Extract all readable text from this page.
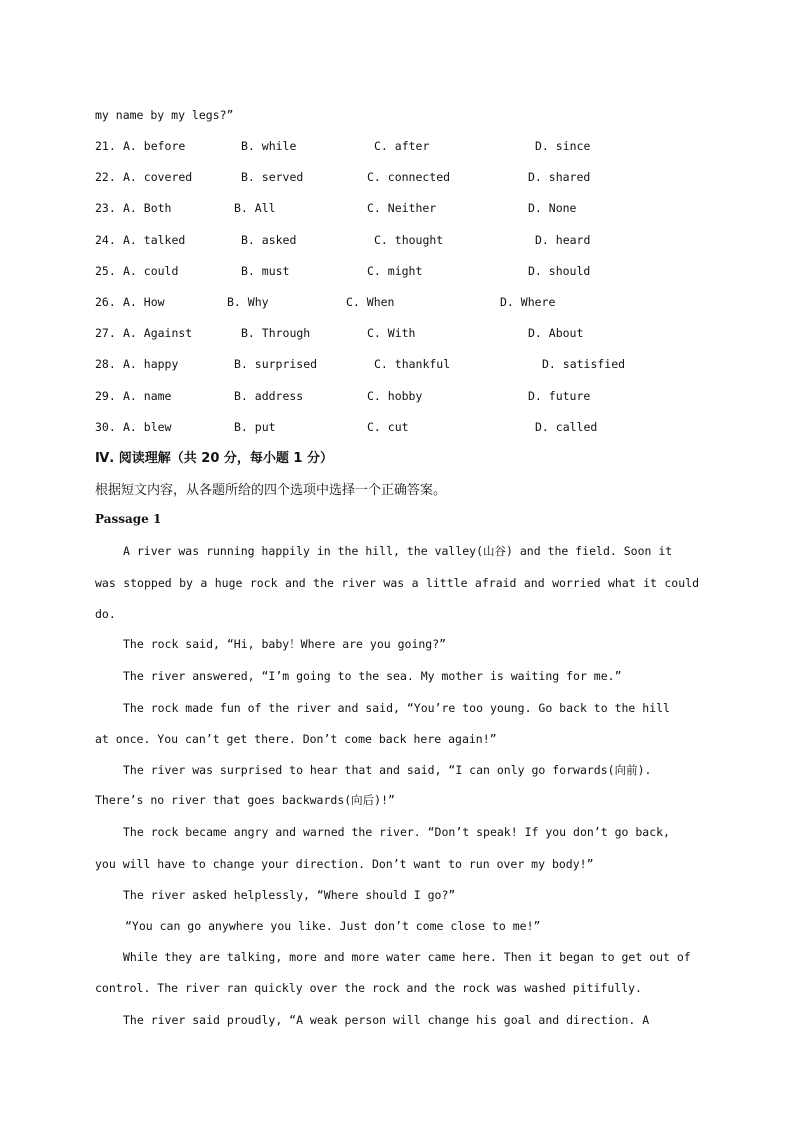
my name by my legs?”
21. A. before	B. while	C. after	D. since
22. A. covered	B. served	C. connected	D. shared
23. A. Both	B. All	C. Neither	D. None
24. A. talked	B. asked	C. thought	D. heard
25. A. could	B. must	C. might	D. should
26. A. How	B. Why	C. When	D. Where
27. A. Against	B. Through	C. With	D. About
28. A. happy	B. surprised	C. thankful	D. satisfied
29. A. name	B. address	C. hobby	D. future
30. A. blew	B. put	C. cut	D. called
Ⅳ. 阅读理解（共 20 分，每小题 1 分）
根据短文内容，从各题所给的四个选项中选择一个正确答案。
Passage 1
A river was running happily in the hill, the valley(山谷) and the field. Soon it
was stopped by a huge rock and the river was a little afraid and worried what it could
do.
The rock said, “Hi, baby！Where are you going?”
The river answered, “I’m going to the sea. My mother is waiting for me.”
The rock made fun of the river and said, “You’re too young. Go back to the hill
at once. You can’t get there. Don’t come back here again!”
The river was surprised to hear that and said, “I can only go forwards(向前).
There’s no river that goes backwards(向后)!”
The rock became angry and warned the river. “Don’t speak! If you don’t go back,
you will have to change your direction. Don’t want to run over my body!”
The river asked helplessly, “Where should I go?”
“You can go anywhere you like. Just don’t come close to me!”
While they are talking, more and more water came here. Then it began to get out of
control. The river ran quickly over the rock and the rock was washed pitifully.
The river said proudly, “A weak person will change his goal and direction. A
